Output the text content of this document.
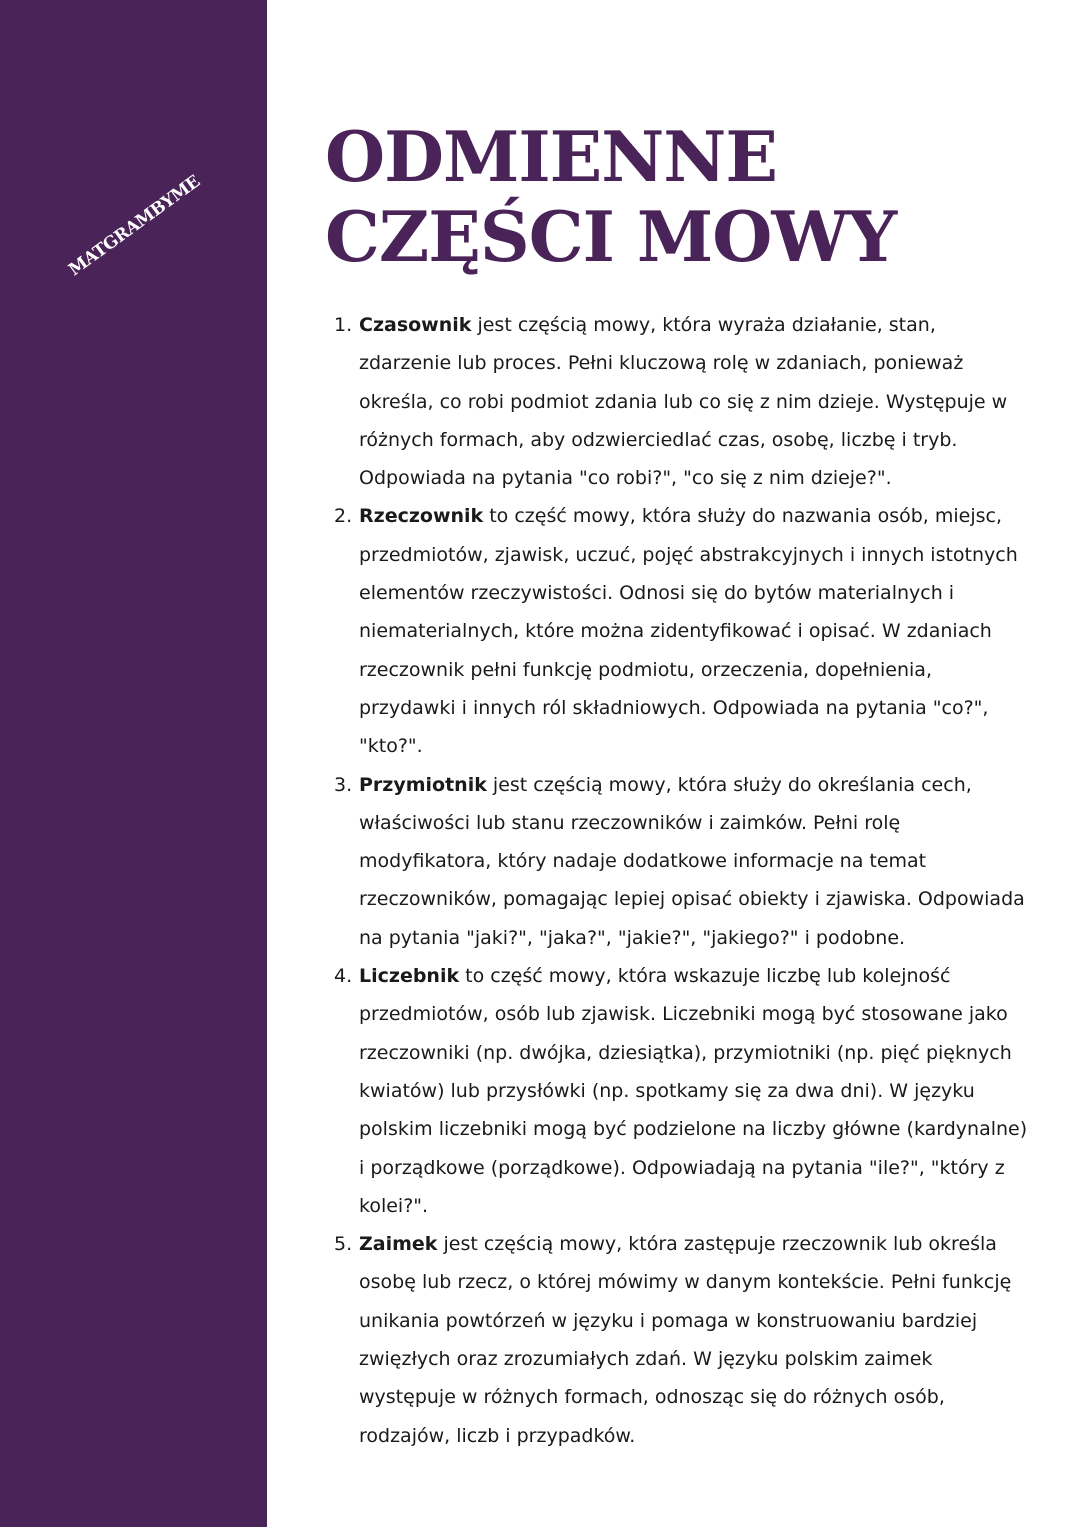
MATGRAMBYME
ODMIENNE
CZĘŚCI MOWY
1. Czasownik jest częścią mowy, która wyraża działanie, stan, zdarzenie lub proces. Pełni kluczową rolę w zdaniach, ponieważ określa, co robi podmiot zdania lub co się z nim dzieje. Występuje w różnych formach, aby odzwierciedlać czas, osobę, liczbę i tryb. Odpowiada na pytania "co robi?", "co się z nim dzieje?".
2. Rzeczownik to część mowy, która służy do nazwania osób, miejsc, przedmiotów, zjawisk, uczuć, pojęć abstrakcyjnych i innych istotnych elementów rzeczywistości. Odnosi się do bytów materialnych i niematerialnych, które można zidentyfikować i opisać. W zdaniach rzeczownik pełni funkcję podmiotu, orzeczenia, dopełnienia, przydawki i innych ról składniowych. Odpowiada na pytania "co?", "kto?".
3. Przymiotnik jest częścią mowy, która służy do określania cech, właściwości lub stanu rzeczowników i zaimków. Pełni rolę modyfikatora, który nadaje dodatkowe informacje na temat rzeczowników, pomagając lepiej opisać obiekty i zjawiska. Odpowiada na pytania "jaki?", "jaka?", "jakie?", "jakiego?" i podobne.
4. Liczebnik to część mowy, która wskazuje liczbę lub kolejność przedmiotów, osób lub zjawisk. Liczebniki mogą być stosowane jako rzeczowniki (np. dwójka, dziesiątka), przymiotniki (np. pięć pięknych kwiatów) lub przysłówki (np. spotkamy się za dwa dni). W języku polskim liczebniki mogą być podzielone na liczby główne (kardynalne) i porządkowe (porządkowe). Odpowiadają na pytania "ile?", "który z kolei?".
5. Zaimek jest częścią mowy, która zastępuje rzeczownik lub określa osobę lub rzecz, o której mówimy w danym kontekście. Pełni funkcję unikania powtórzeń w języku i pomaga w konstruowaniu bardziej zwięzłych oraz zrozumiałych zdań. W języku polskim zaimek występuje w różnych formach, odnosząc się do różnych osób, rodzajów, liczb i przypadków.
